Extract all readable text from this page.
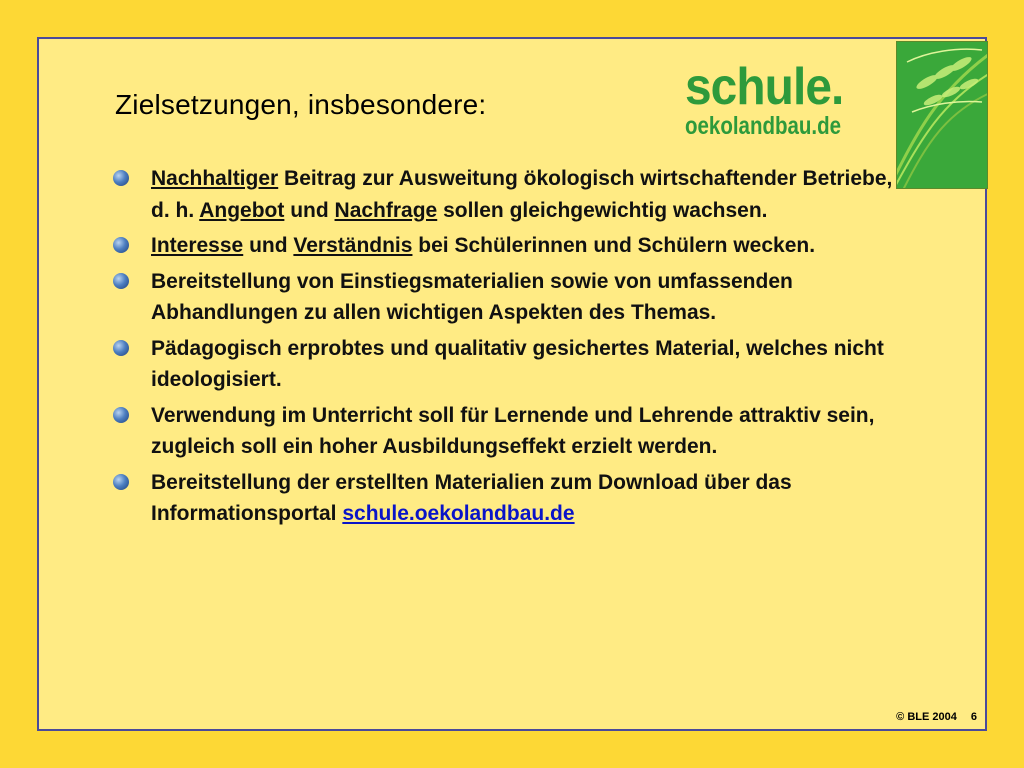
Zielsetzungen, insbesondere:	schule.
oekolandbau.de
Nachhaltiger Beitrag zur Ausweitung ökologisch wirtschaftender Betriebe, d. h. Angebot und Nachfrage sollen gleichgewichtig wachsen.
Interesse und Verständnis bei Schülerinnen und Schülern wecken.
Bereitstellung von Einstiegsmaterialien sowie von umfassenden Abhandlungen zu allen wichtigen Aspekten des Themas.
Pädagogisch erprobtes und qualitativ gesichertes Material, welches nicht ideologisiert.
Verwendung im Unterricht soll für Lernende und Lehrende attraktiv sein, zugleich soll ein hoher Ausbildungseffekt erzielt werden.
Bereitstellung der erstellten Materialien zum Download über das Informationsportal schule.oekolandbau.de
© BLE 2004 6
